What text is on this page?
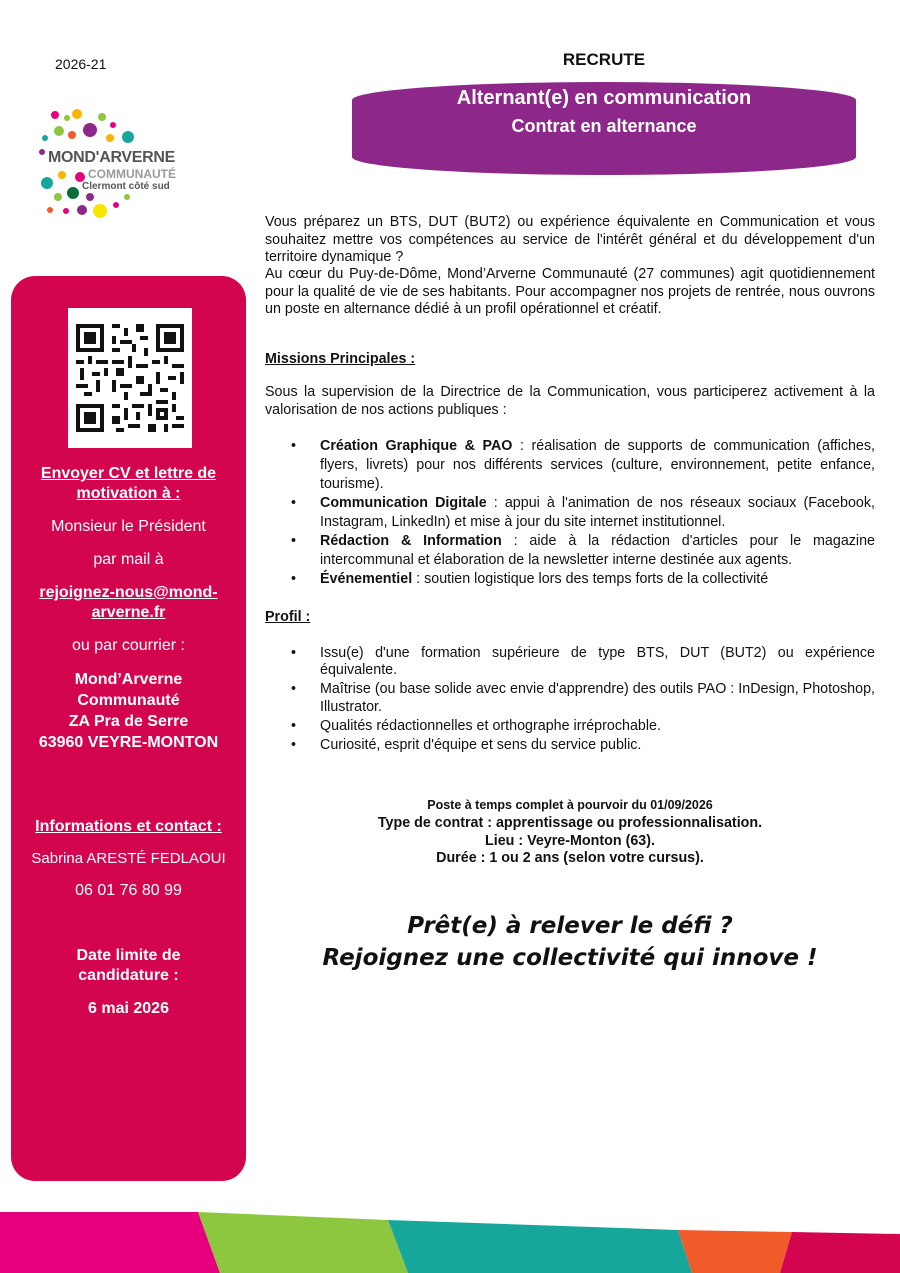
2026-21
MOND'ARVERNE
COMMUNAUTÉ
Clermont côté sud
RECRUTE
Alternant(e) en communication
Contrat en alternance
Envoyer CV et lettre de
motivation à :
Monsieur le Président
par mail à
rejoignez-nous@mond-
arverne.fr
ou par courrier :
Mond’Arverne
Communauté
ZA Pra de Serre
63960 VEYRE-MONTON
Informations et contact :
Sabrina ARESTÉ FEDLAOUI
06 01 76 80 99
Date limite de
candidature :
6 mai 2026
Vous préparez un BTS, DUT (BUT2) ou expérience équivalente en Communication et vous souhaitez mettre vos compétences au service de l'intérêt général et du développement d'un territoire dynamique ?
Au cœur du Puy-de-Dôme, Mond’Arverne Communauté (27 communes) agit quotidiennement pour la qualité de vie de ses habitants. Pour accompagner nos projets de rentrée, nous ouvrons un poste en alternance dédié à un profil opérationnel et créatif.
Missions Principales :
Sous la supervision de la Directrice de la Communication, vous participerez activement à la valorisation de nos actions publiques :
• Création Graphique & PAO : réalisation de supports de communication (affiches, flyers, livrets) pour nos différents services (culture, environnement, petite enfance, tourisme).
• Communication Digitale : appui à l'animation de nos réseaux sociaux (Facebook, Instagram, LinkedIn) et mise à jour du site internet institutionnel.
• Rédaction & Information : aide à la rédaction d'articles pour le magazine intercommunal et élaboration de la newsletter interne destinée aux agents.
• Événementiel : soutien logistique lors des temps forts de la collectivité
Profil :
• Issu(e) d'une formation supérieure de type BTS, DUT (BUT2) ou expérience équivalente.
• Maîtrise (ou base solide avec envie d'apprendre) des outils PAO : InDesign, Photoshop, Illustrator.
• Qualités rédactionnelles et orthographe irréprochable.
• Curiosité, esprit d'équipe et sens du service public.
Poste à temps complet à pourvoir du 01/09/2026
Type de contrat : apprentissage ou professionnalisation.
Lieu : Veyre-Monton (63).
Durée : 1 ou 2 ans (selon votre cursus).
Prêt(e) à relever le défi ?
Rejoignez une collectivité qui innove !
